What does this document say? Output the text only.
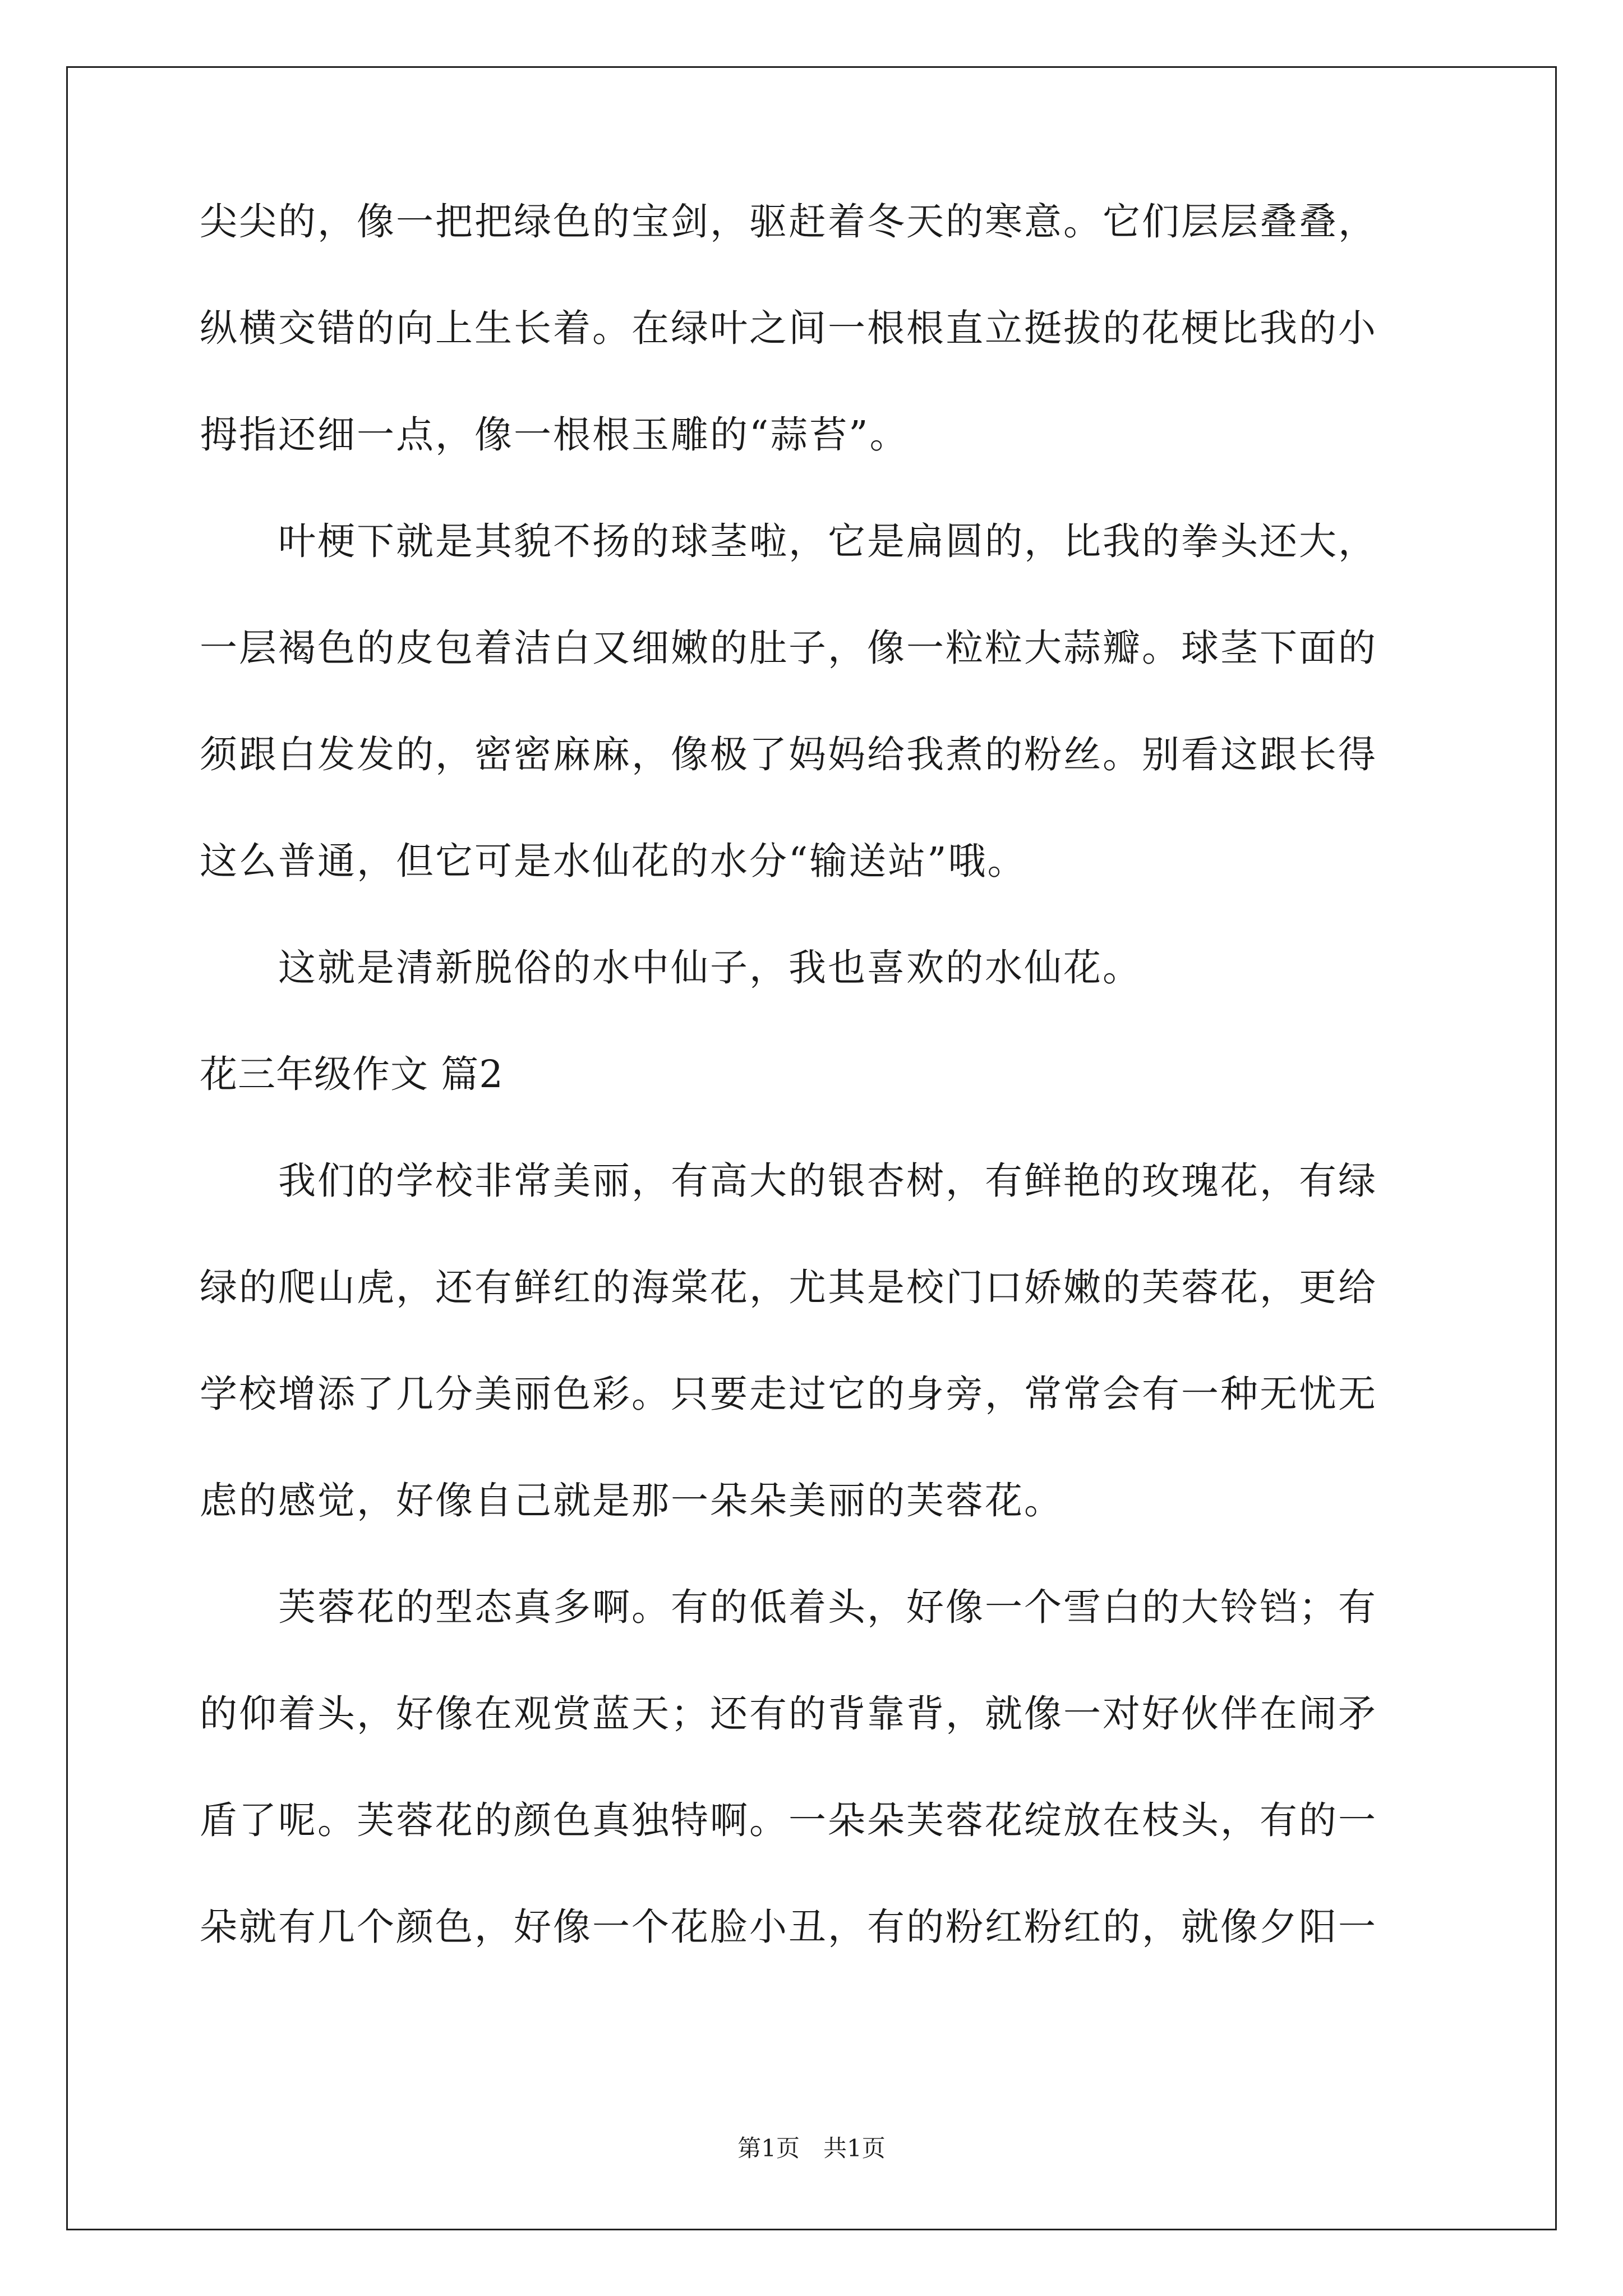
尖尖的，像一把把绿色的宝剑，驱赶着冬天的寒意。它们层层叠叠，
纵横交错的向上生长着。在绿叶之间一根根直立挺拔的花梗比我的小
拇指还细一点，像一根根玉雕的“蒜苔”。
叶梗下就是其貌不扬的球茎啦，它是扁圆的，比我的拳头还大，
一层褐色的皮包着洁白又细嫩的肚子，像一粒粒大蒜瓣。球茎下面的
须跟白发发的，密密麻麻，像极了妈妈给我煮的粉丝。别看这跟长得
这么普通，但它可是水仙花的水分“输送站”哦。
这就是清新脱俗的水中仙子，我也喜欢的水仙花。
花三年级作文 篇2
我们的学校非常美丽，有高大的银杏树，有鲜艳的玫瑰花，有绿
绿的爬山虎，还有鲜红的海棠花，尤其是校门口娇嫩的芙蓉花，更给
学校增添了几分美丽色彩。只要走过它的身旁，常常会有一种无忧无
虑的感觉，好像自己就是那一朵朵美丽的芙蓉花。
芙蓉花的型态真多啊。有的低着头，好像一个雪白的大铃铛；有
的仰着头，好像在观赏蓝天；还有的背靠背，就像一对好伙伴在闹矛
盾了呢。芙蓉花的颜色真独特啊。一朵朵芙蓉花绽放在枝头，有的一
朵就有几个颜色，好像一个花脸小丑，有的粉红粉红的，就像夕阳一
第1页　共1页
